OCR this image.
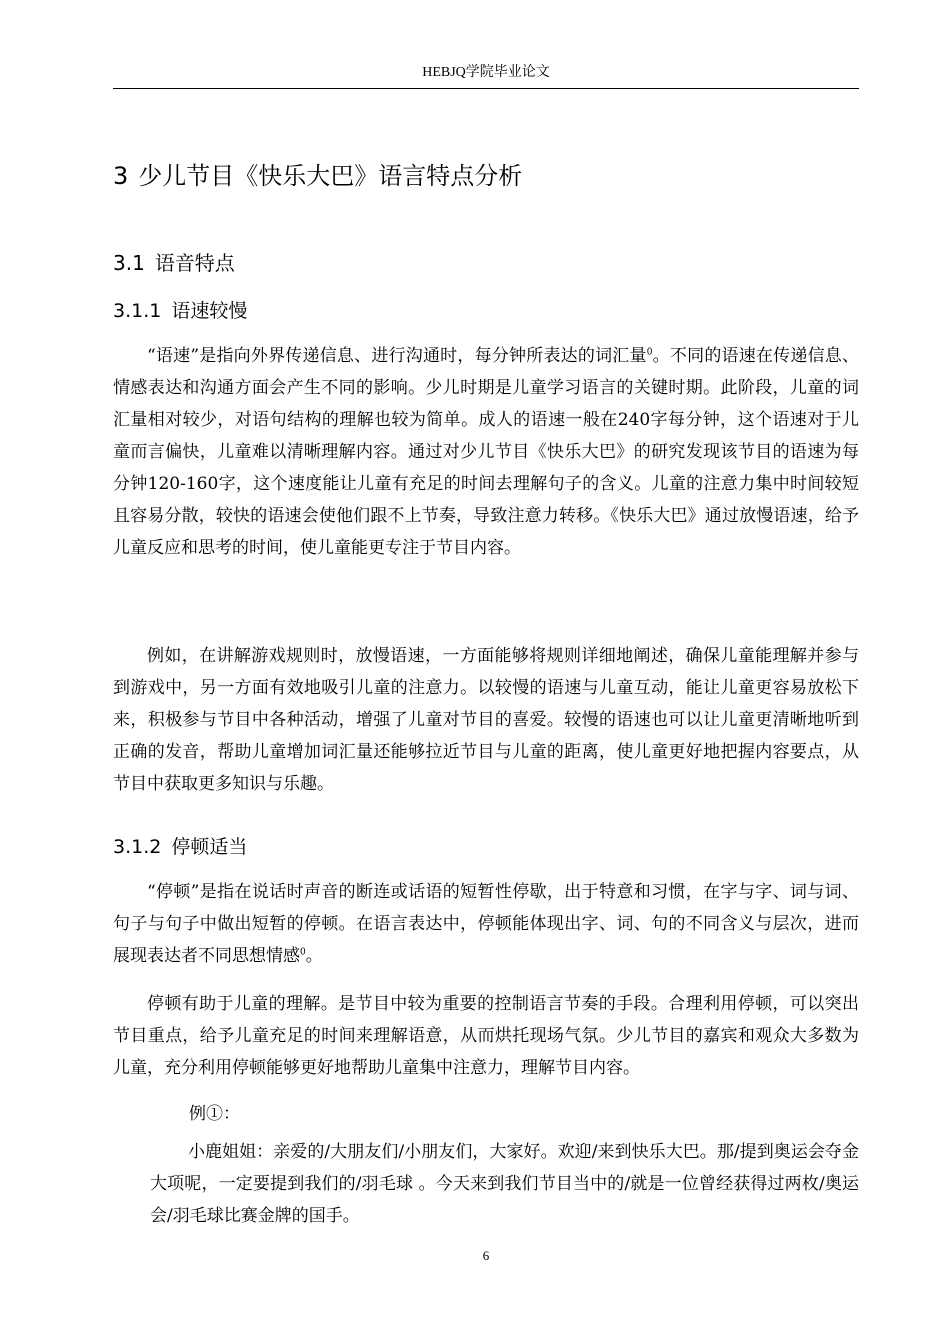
HEBJQ学院毕业论文
3 少儿节目《快乐大巴》语言特点分析
3.1 语音特点
3.1.1 语速较慢

“语速”是指向外界传递信息、进行沟通时，每分钟所表达的词汇量$^0$。不同的语速在传递信息、情感表达和沟通方面会产生不同的影响。少儿时期是儿童学习语言的关键时期。此阶段，儿童的词汇量相对较少，对语句结构的理解也较为简单。成人的语速一般在240字每分钟，这个语速对于儿童而言偏快，儿童难以清晰理解内容。通过对少儿节目《快乐大巴》的研究发现该节目的语速为每分钟120-160字，这个速度能让儿童有充足的时间去理解句子的含义。儿童的注意力集中时间较短且容易分散，较快的语速会使他们跟不上节奏，导致注意力转移。《快乐大巴》通过放慢语速，给予儿童反应和思考的时间，使儿童能更专注于节目内容。

例如，在讲解游戏规则时，放慢语速，一方面能够将规则详细地阐述，确保儿童能理解并参与到游戏中，另一方面有效地吸引儿童的注意力。以较慢的语速与儿童互动，能让儿童更容易放松下来，积极参与节目中各种活动，增强了儿童对节目的喜爱。较慢的语速也可以让儿童更清晰地听到正确的发音，帮助儿童增加词汇量还能够拉近节目与儿童的距离，使儿童更好地把握内容要点，从节目中获取更多知识与乐趣。

3.1.2 停顿适当

“停顿”是指在说话时声音的断连或话语的短暂性停歇，出于特意和习惯，在字与字、词与词、句子与句子中做出短暂的停顿。在语言表达中，停顿能体现出字、词、句的不同含义与层次，进而展现表达者不同思想情感$^0$。

停顿有助于儿童的理解。是节目中较为重要的控制语言节奏的手段。合理利用停顿，可以突出节目重点，给予儿童充足的时间来理解语意，从而烘托现场气氛。少儿节目的嘉宾和观众大多数为儿童，充分利用停顿能够更好地帮助儿童集中注意力，理解节目内容。

例①：

小鹿姐姐：亲爱的/大朋友们/小朋友们，大家好。欢迎/来到快乐大巴。那/提到奥运会夺金大项呢，一定要提到我们的/羽毛球 。今天来到我们节目当中的/就是一位曾经获得过两枚/奥运会/羽毛球比赛金牌的国手。

6
